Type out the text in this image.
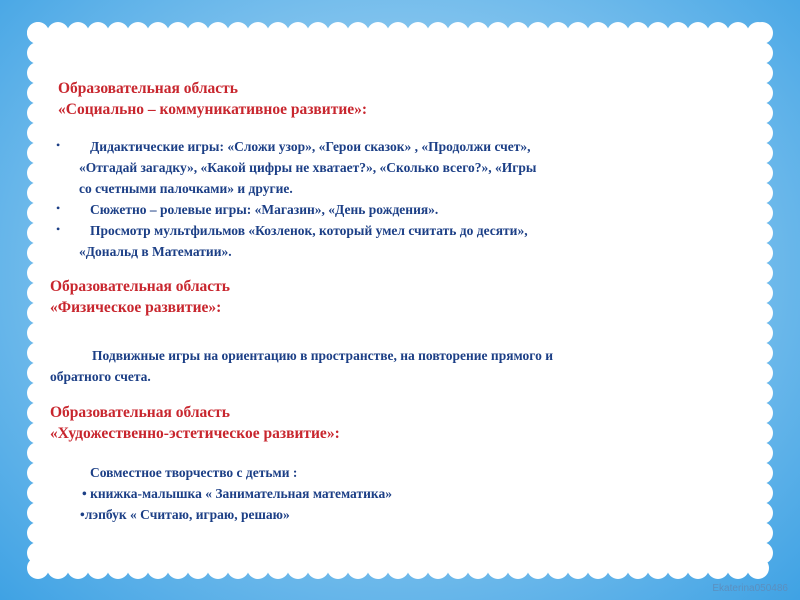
Образовательная область
«Социально – коммуникативное развитие»:
•	Дидактические игры: «Сложи узор», «Герои сказок» , «Продолжи счет»,
«Отгадай загадку», «Какой цифры не хватает?», «Сколько всего?», «Игры
со счетными палочками» и другие.
• Сюжетно – ролевые игры: «Магазин», «День рождения».
•	Просмотр мультфильмов «Козленок, который умел считать до десяти»,
«Дональд в Математии».
Образовательная область
«Физическое развитие»:
Подвижные игры на ориентацию в пространстве, на повторение прямого и
обратного счета.
Образовательная область
«Художественно-эстетическое развитие»:
Совместное творчество с детьми :
• книжка-малышка « Занимательная математика»
•лэпбук « Считаю, играю, решаю»
Ekaterina050486
